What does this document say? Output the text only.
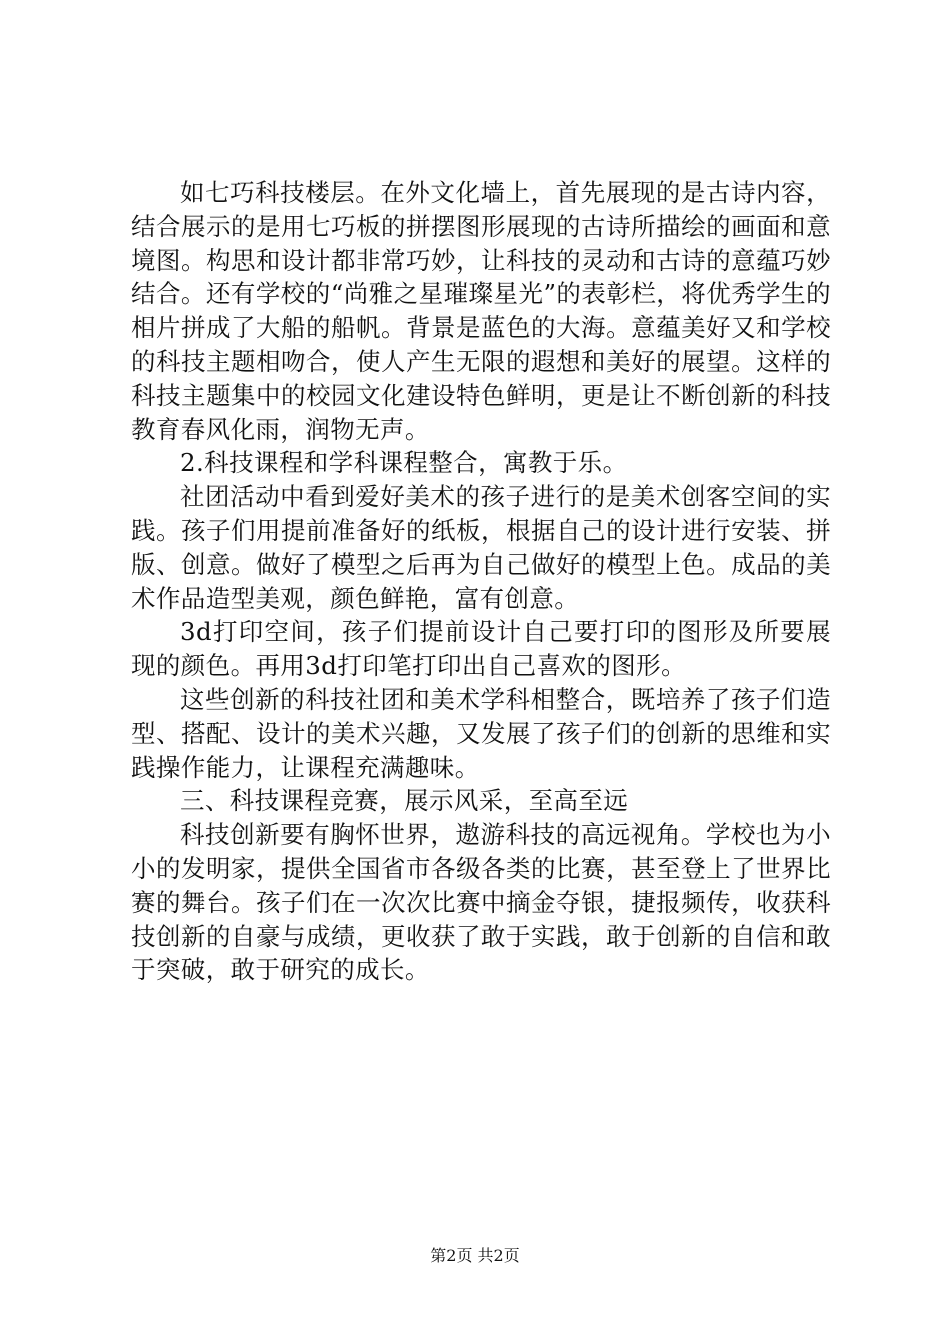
如七巧科技楼层。在外文化墙上，首先展现的是古诗内容，结合展示的是用七巧板的拼摆图形展现的古诗所描绘的画面和意境图。构思和设计都非常巧妙，让科技的灵动和古诗的意蕴巧妙结合。还有学校的“尚雅之星璀璨星光”的表彰栏，将优秀学生的相片拼成了大船的船帆。背景是蓝色的大海。意蕴美好又和学校的科技主题相吻合，使人产生无限的遐想和美好的展望。这样的科技主题集中的校园文化建设特色鲜明，更是让不断创新的科技教育春风化雨，润物无声。

2.科技课程和学科课程整合，寓教于乐。

社团活动中看到爱好美术的孩子进行的是美术创客空间的实践。孩子们用提前准备好的纸板，根据自己的设计进行安装、拼版、创意。做好了模型之后再为自己做好的模型上色。成品的美术作品造型美观，颜色鲜艳，富有创意。

3d打印空间，孩子们提前设计自己要打印的图形及所要展现的颜色。再用3d打印笔打印出自己喜欢的图形。

这些创新的科技社团和美术学科相整合，既培养了孩子们造型、搭配、设计的美术兴趣，又发展了孩子们的创新的思维和实践操作能力，让课程充满趣味。

三、科技课程竞赛，展示风采，至高至远

科技创新要有胸怀世界，遨游科技的高远视角。学校也为小小的发明家，提供全国省市各级各类的比赛，甚至登上了世界比赛的舞台。孩子们在一次次比赛中摘金夺银，捷报频传，收获科技创新的自豪与成绩，更收获了敢于实践，敢于创新的自信和敢于突破，敢于研究的成长。

第2页 共2页
